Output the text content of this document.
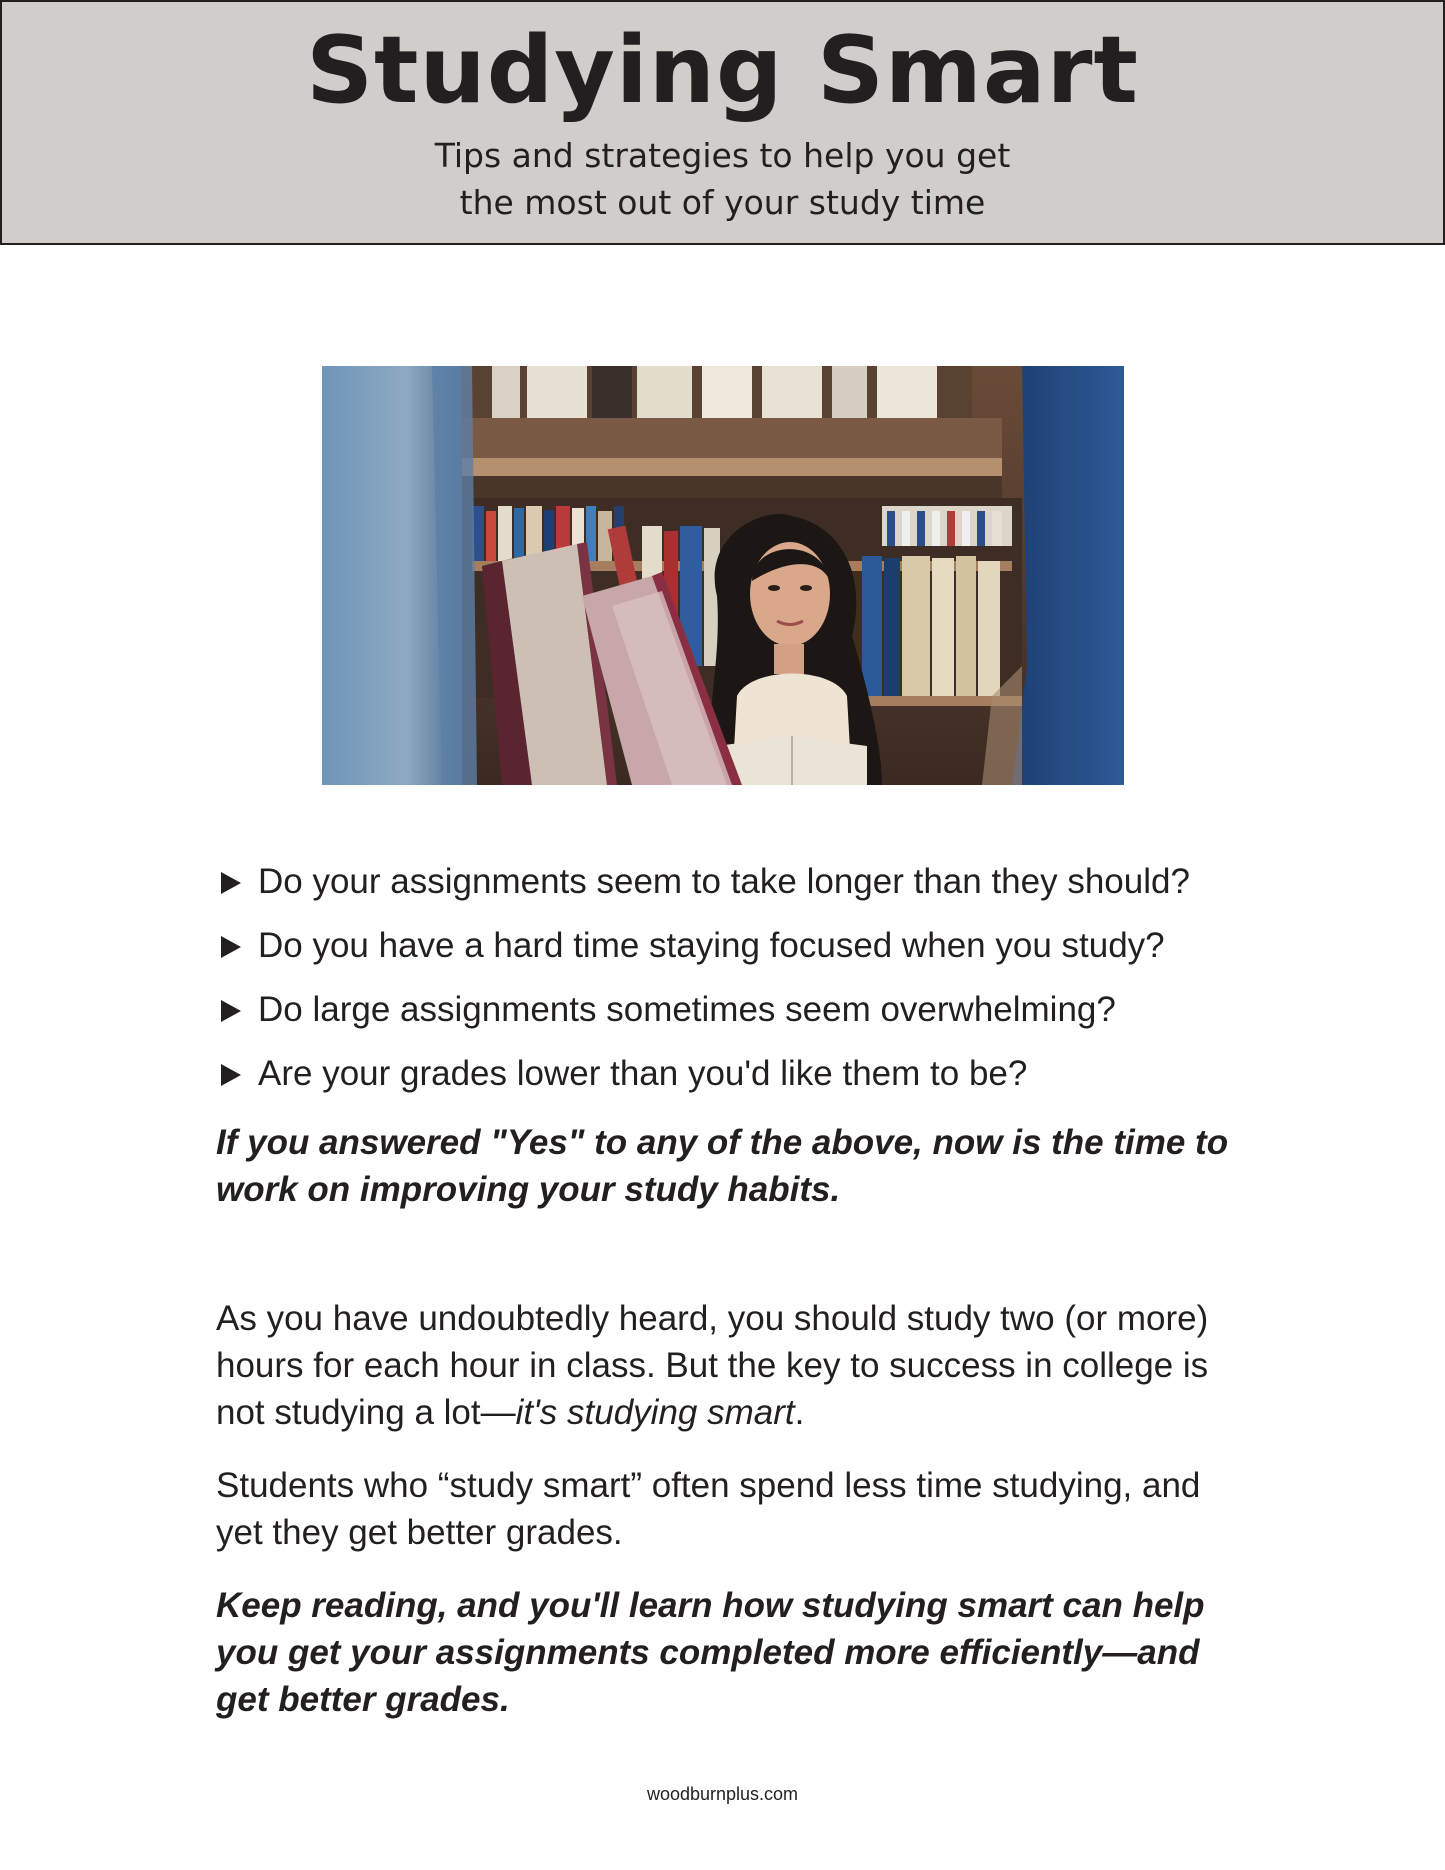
Studying Smart

Tips and strategies to help you get
the most out of your study time

Do your assignments seem to take longer than they should?
Do you have a hard time staying focused when you study?
Do large assignments sometimes seem overwhelming?
Are your grades lower than you'd like them to be?

If you answered "Yes" to any of the above, now is the time to work on improving your study habits.

As you have undoubtedly heard, you should study two (or more) hours for each hour in class. But the key to success in college is not studying a lot—it's studying smart.

Students who “study smart” often spend less time studying, and yet they get better grades.

Keep reading, and you'll learn how studying smart can help you get your assignments completed more efficiently—and get better grades.

woodburnplus.com
